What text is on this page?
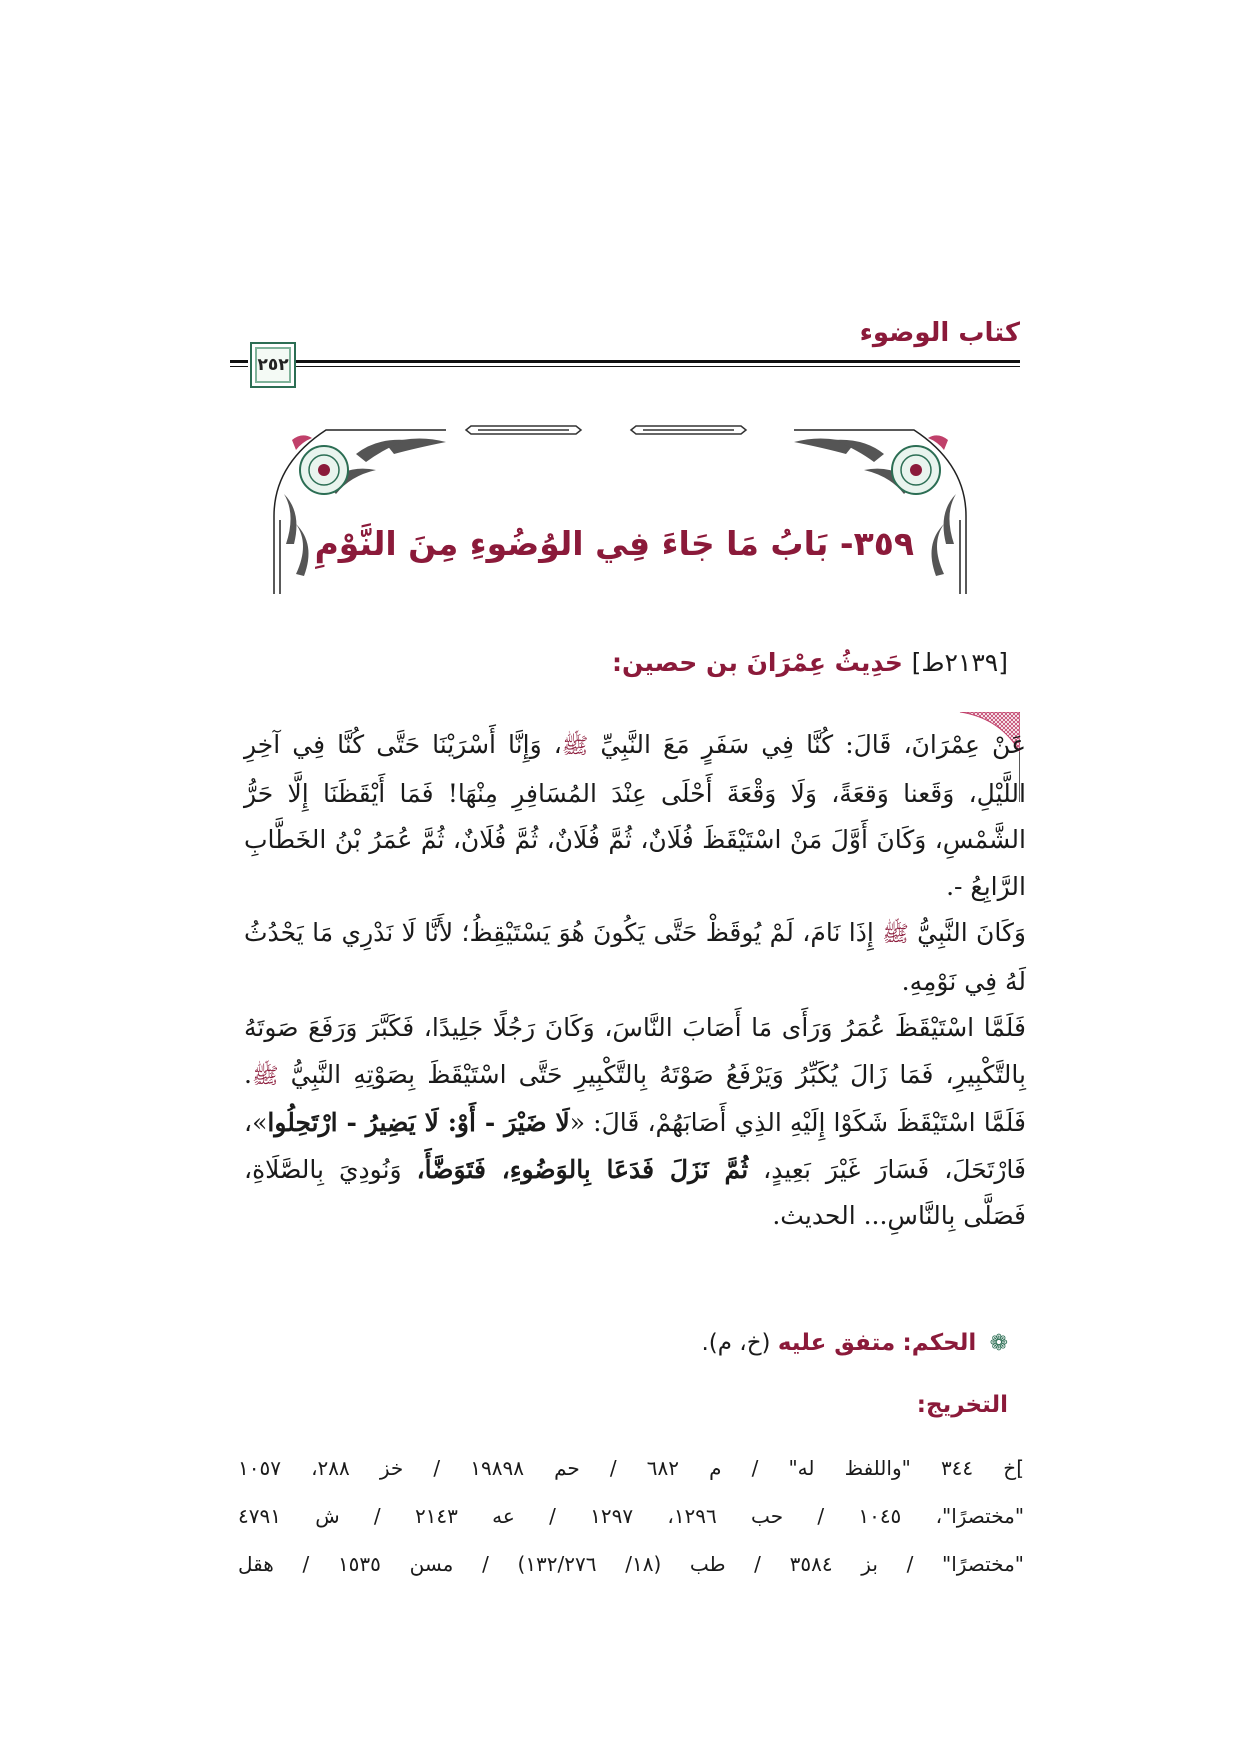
كتاب الوضوء
٢٥٢
٣٥٩- بَابُ مَا جَاءَ فِي الوُضُوءِ مِنَ النَّوْمِ
[٢١٣٩ط] حَدِيثُ عِمْرَانَ بن حصين:

عَنْ عِمْرَانَ، قَالَ: كُنَّا فِي سَفَرٍ مَعَ النَّبِيِّ ﷺ، وَإِنَّا أَسْرَيْنَا حَتَّى كُنَّا فِي آخِرِ اللَّيْلِ، وَقَعنا وَقعَةً، وَلَا وَقْعَةَ أَحْلَى عِنْدَ المُسَافِرِ مِنْهَا! فَمَا أَيْقَظَنَا إِلَّا حَرُّ الشَّمْسِ، وَكَانَ أَوَّلَ مَنْ اسْتَيْقَظَ فُلَانٌ، ثُمَّ فُلَانٌ، ثُمَّ فُلَانٌ، ثُمَّ عُمَرُ بْنُ الخَطَّابِ الرَّابِعُ -.

وَكَانَ النَّبِيُّ ﷺ إِذَا نَامَ، لَمْ يُوقَظْ حَتَّى يَكُونَ هُوَ يَسْتَيْقِظُ؛ لأَنَّا لَا نَدْرِي مَا يَحْدُثُ لَهُ فِي نَوْمِهِ.

فَلَمَّا اسْتَيْقَظَ عُمَرُ وَرَأَى مَا أَصَابَ النَّاسَ، وَكَانَ رَجُلًا جَلِيدًا، فَكَبَّرَ وَرَفَعَ صَوتَهُ بِالتَّكْبِيرِ، فَمَا زَالَ يُكَبِّرُ وَيَرْفَعُ صَوْتَهُ بِالتَّكْبِيرِ حَتَّى اسْتَيْقَظَ بِصَوْتِهِ النَّبِيُّ ﷺ. فَلَمَّا اسْتَيْقَظَ شَكَوْا إِلَيْهِ الذِي أَصَابَهُمْ، قَالَ: «لَا ضَيْرَ - أَوْ: لَا يَضِيرُ - ارْتَحِلُوا»، فَارْتَحَلَ، فَسَارَ غَيْرَ بَعِيدٍ، ثُمَّ نَزَلَ فَدَعَا بِالوَضُوءِ، فَتَوَضَّأَ، وَنُودِيَ بِالصَّلَاةِ، فَصَلَّى بِالنَّاسِ... الحديث.

❁ الحكم: متفق عليه (خ، م).
التخريج:
]خ ٣٤٤ "واللفظ له" / م ٦٨٢ / حم ١٩٨٩٨ / خز ٢٨٨، ١٠٥٧
"مختصرًا"، ١٠٤٥ / حب ١٢٩٦، ١٢٩٧ / عه ٢١٤٣ / ش ٤٧٩١
"مختصرًا" / بز ٣٥٨٤ / طب (١٨/ ١٣٢/٢٧٦) / مسن ١٥٣٥ / هقل
